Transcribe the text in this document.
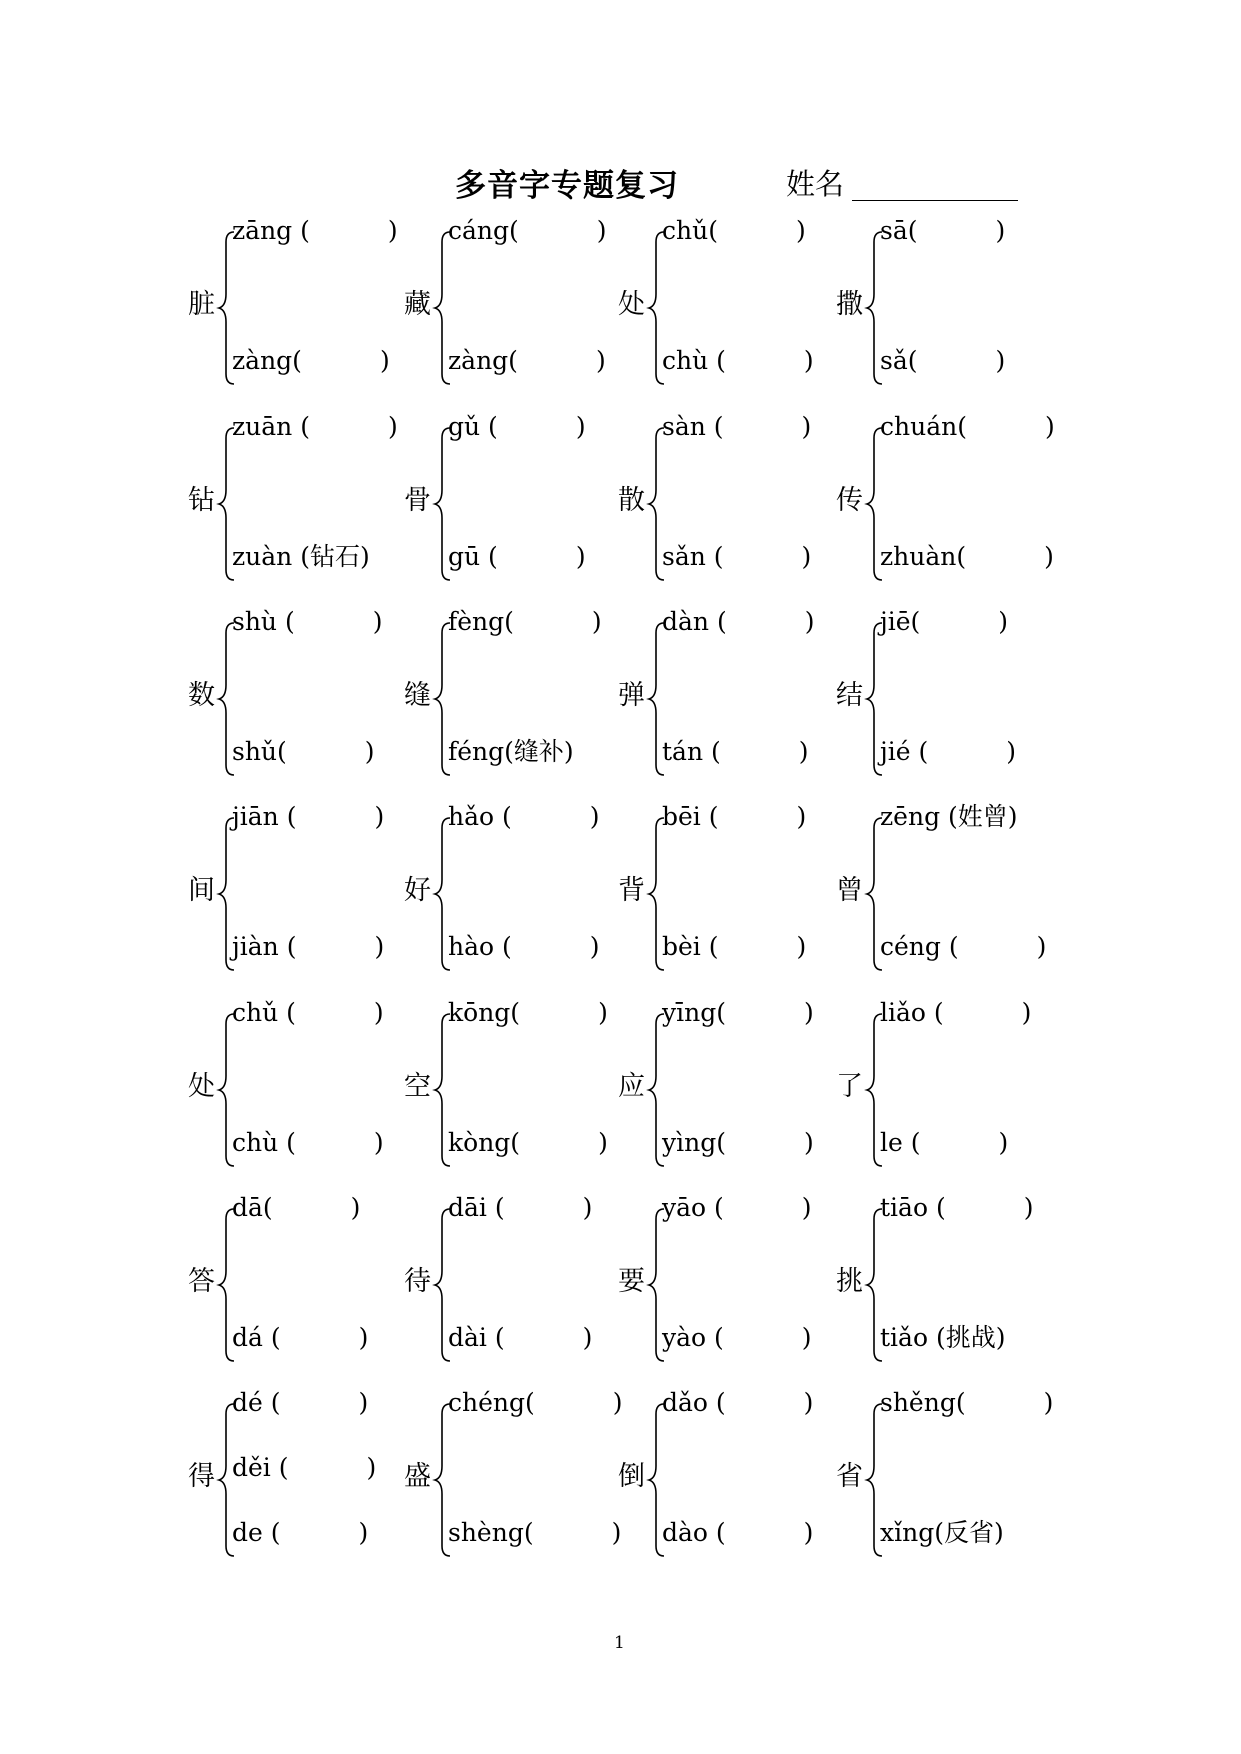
多音字专题复习	姓名
脏
zāng (	)
zàng(	)
藏
cáng(	)
zàng(	)
处
chǔ(	)
chù (	)
撒
sā(	)
sǎ(	)
钻
zuān (	)
zuàn (钻石)
骨
gǔ (	)
gū (	)
散
sàn (	)
sǎn (	)
传
chuán(	)
zhuàn(	)
数
shù (	)
shǔ(	)
缝
fèng(	)
féng(缝补)
弹
dàn (	)
tán (	)
结
jiē(	)
jié (	)
间
jiān (	)
jiàn (	)
好
hǎo (	)
hào (	)
背
bēi (	)
bèi (	)
曾
zēng (姓曾)
céng (	)
处
chǔ (	)
chù (	)
空
kōng(	)
kòng(	)
应
yīng(	)
yìng(	)
了
liǎo (	)
le (	)
答
dā(	)
dá (	)
待
dāi (	)
dài (	)
要
yāo (	)
yào (	)
挑
tiāo (	)
tiǎo (挑战)
得
dé (	)
děi (	)
de (	)
盛
chéng(	)
shèng(	)
倒
dǎo (	)
dào (	)
省
shěng(	)
xǐng(反省)
1
